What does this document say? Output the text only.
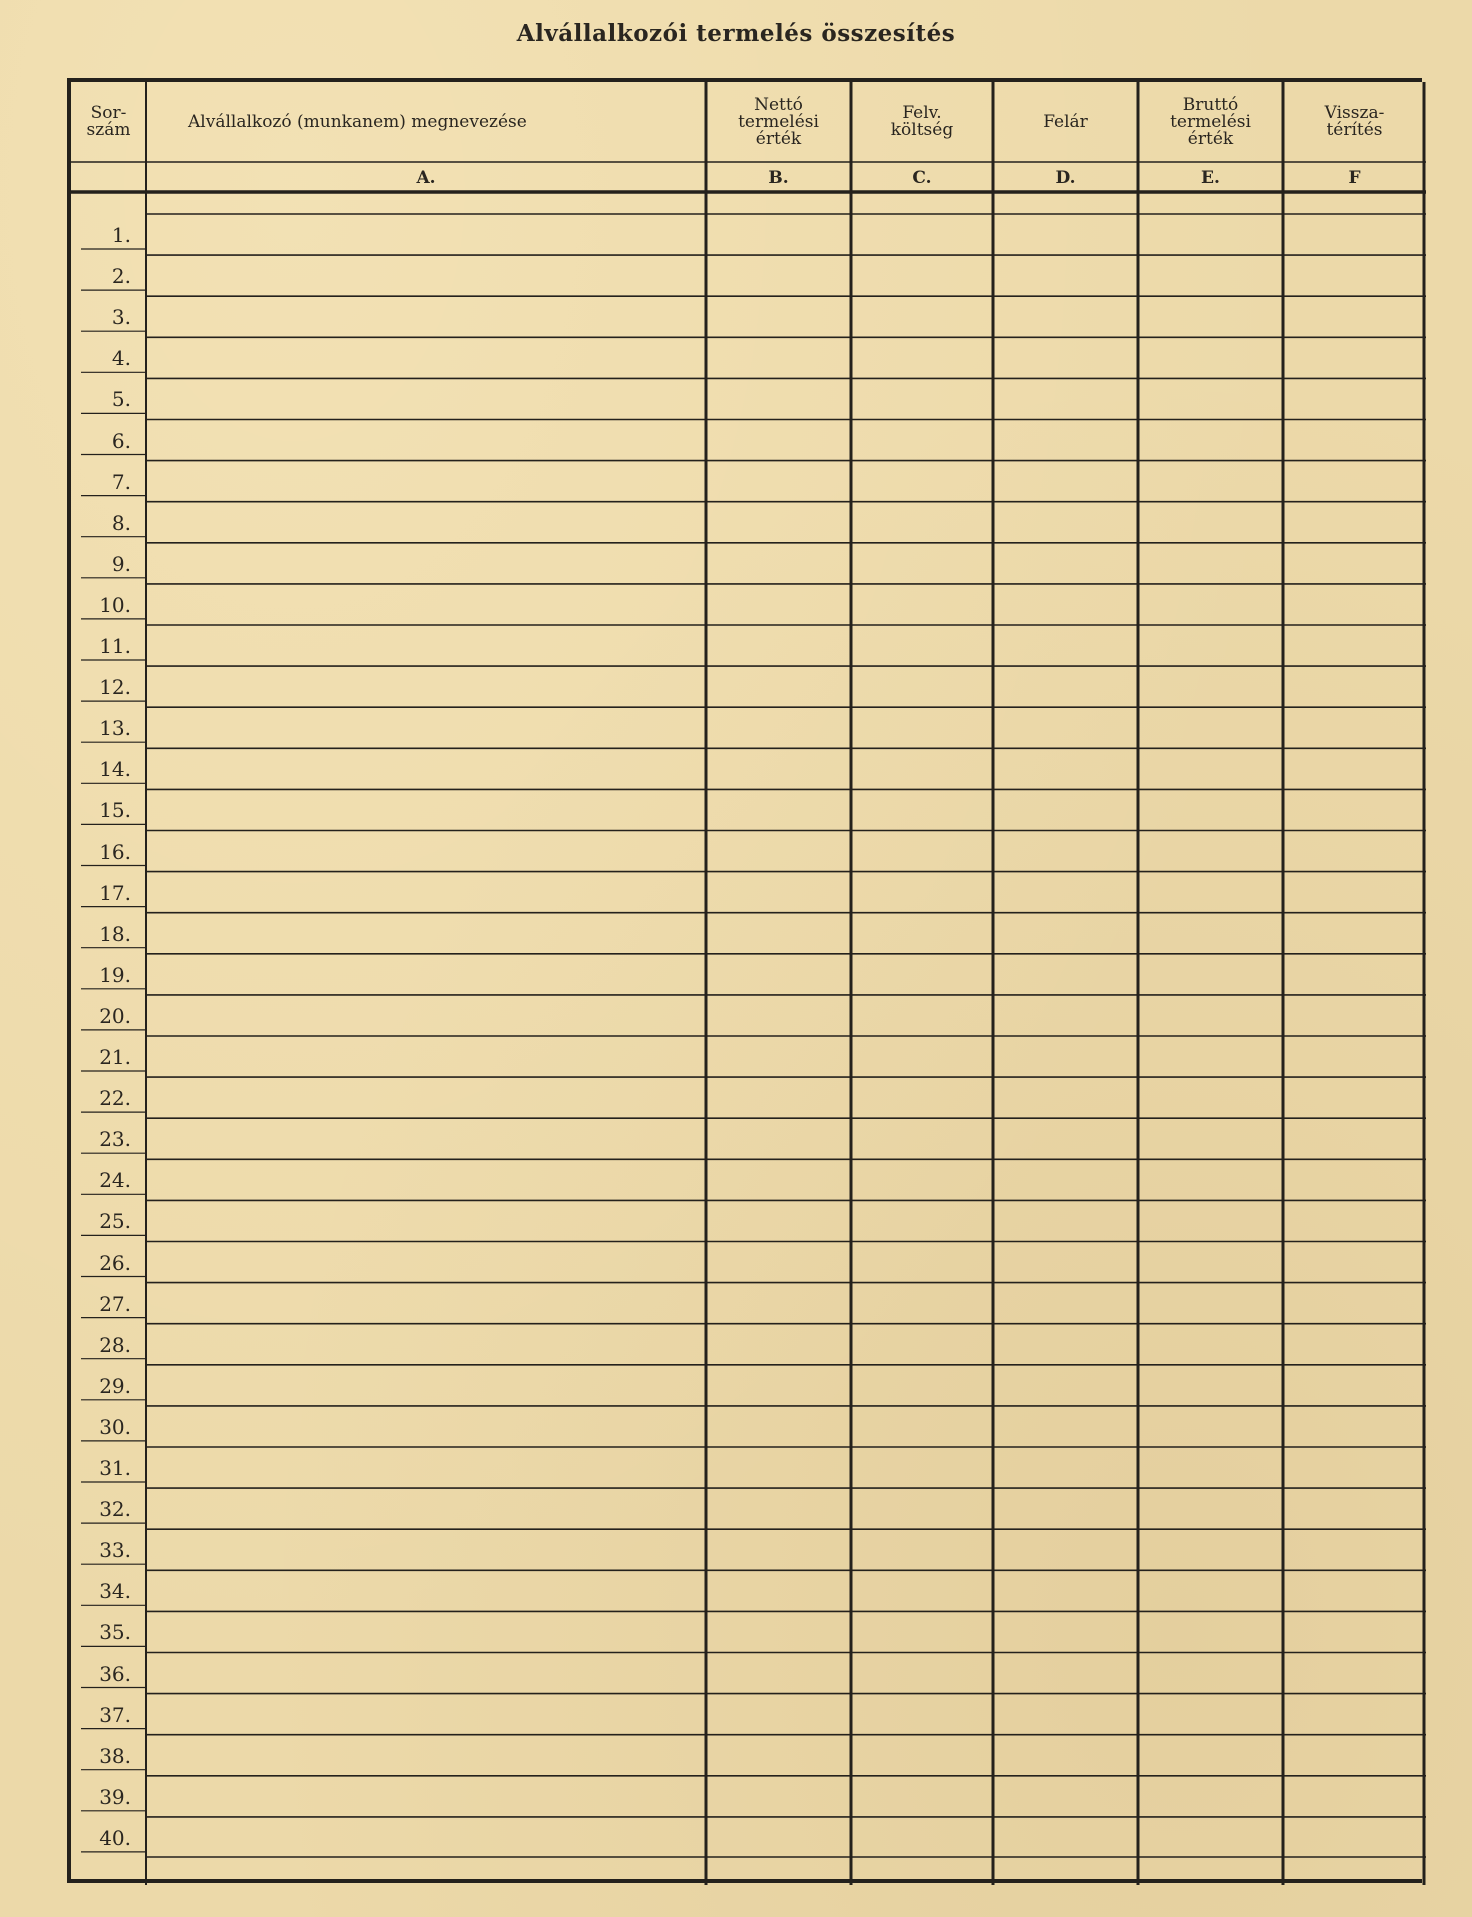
Alvállalkozói termelés összesítés
Sor-
szám	Alvállalkozó (munkanem) megnevezése
A.
Nettó
termelési
érték
B.
Felv.
költség
C.
Felár
D.
Bruttó
termelési
érték
E.
Vissza-
térítés
F
1.
2.
3.
4.
5.
6.
7.
8.
9.
10.
11.
12.
13.
14.
15.
16.
17.
18.
19.
20.
21.
22.
23.
24.
25.
26.
27.
28.
29.
30.
31.
32.
33.
34.
35.
36.
37.
38.
39.
40.
